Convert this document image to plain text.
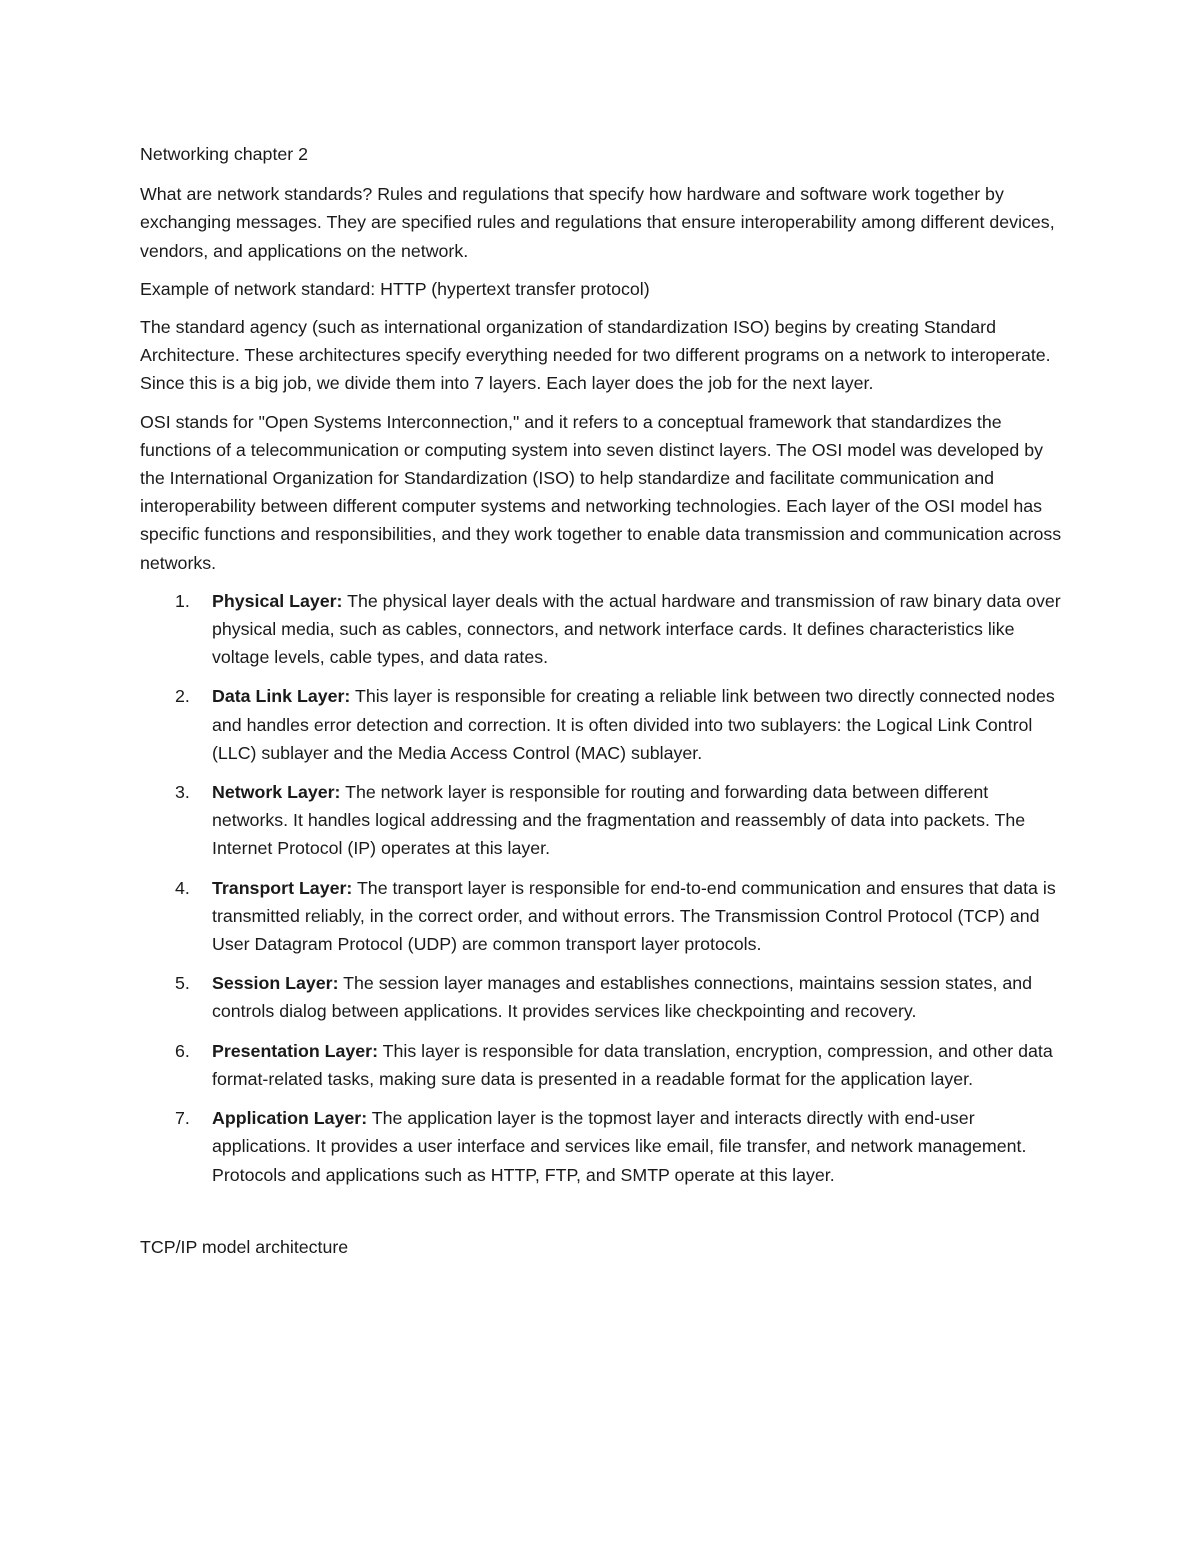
Networking chapter 2

What are network standards? Rules and regulations that specify how hardware and software work together by exchanging messages. They are specified rules and regulations that ensure interoperability among different devices, vendors, and applications on the network.

Example of network standard: HTTP (hypertext transfer protocol)

The standard agency (such as international organization of standardization ISO) begins by creating Standard Architecture. These architectures specify everything needed for two different programs on a network to interoperate. Since this is a big job, we divide them into 7 layers. Each layer does the job for the next layer.

OSI stands for "Open Systems Interconnection," and it refers to a conceptual framework that standardizes the functions of a telecommunication or computing system into seven distinct layers. The OSI model was developed by the International Organization for Standardization (ISO) to help standardize and facilitate communication and interoperability between different computer systems and networking technologies. Each layer of the OSI model has specific functions and responsibilities, and they work together to enable data transmission and communication across networks.

1. Physical Layer: The physical layer deals with the actual hardware and transmission of raw binary data over physical media, such as cables, connectors, and network interface cards. It defines characteristics like voltage levels, cable types, and data rates.
2. Data Link Layer: This layer is responsible for creating a reliable link between two directly connected nodes and handles error detection and correction. It is often divided into two sublayers: the Logical Link Control (LLC) sublayer and the Media Access Control (MAC) sublayer.
3. Network Layer: The network layer is responsible for routing and forwarding data between different networks. It handles logical addressing and the fragmentation and reassembly of data into packets. The Internet Protocol (IP) operates at this layer.
4. Transport Layer: The transport layer is responsible for end-to-end communication and ensures that data is transmitted reliably, in the correct order, and without errors. The Transmission Control Protocol (TCP) and User Datagram Protocol (UDP) are common transport layer protocols.
5. Session Layer: The session layer manages and establishes connections, maintains session states, and controls dialog between applications. It provides services like checkpointing and recovery.
6. Presentation Layer: This layer is responsible for data translation, encryption, compression, and other data format-related tasks, making sure data is presented in a readable format for the application layer.
7. Application Layer: The application layer is the topmost layer and interacts directly with end-user applications. It provides a user interface and services like email, file transfer, and network management. Protocols and applications such as HTTP, FTP, and SMTP operate at this layer.

TCP/IP model architecture
